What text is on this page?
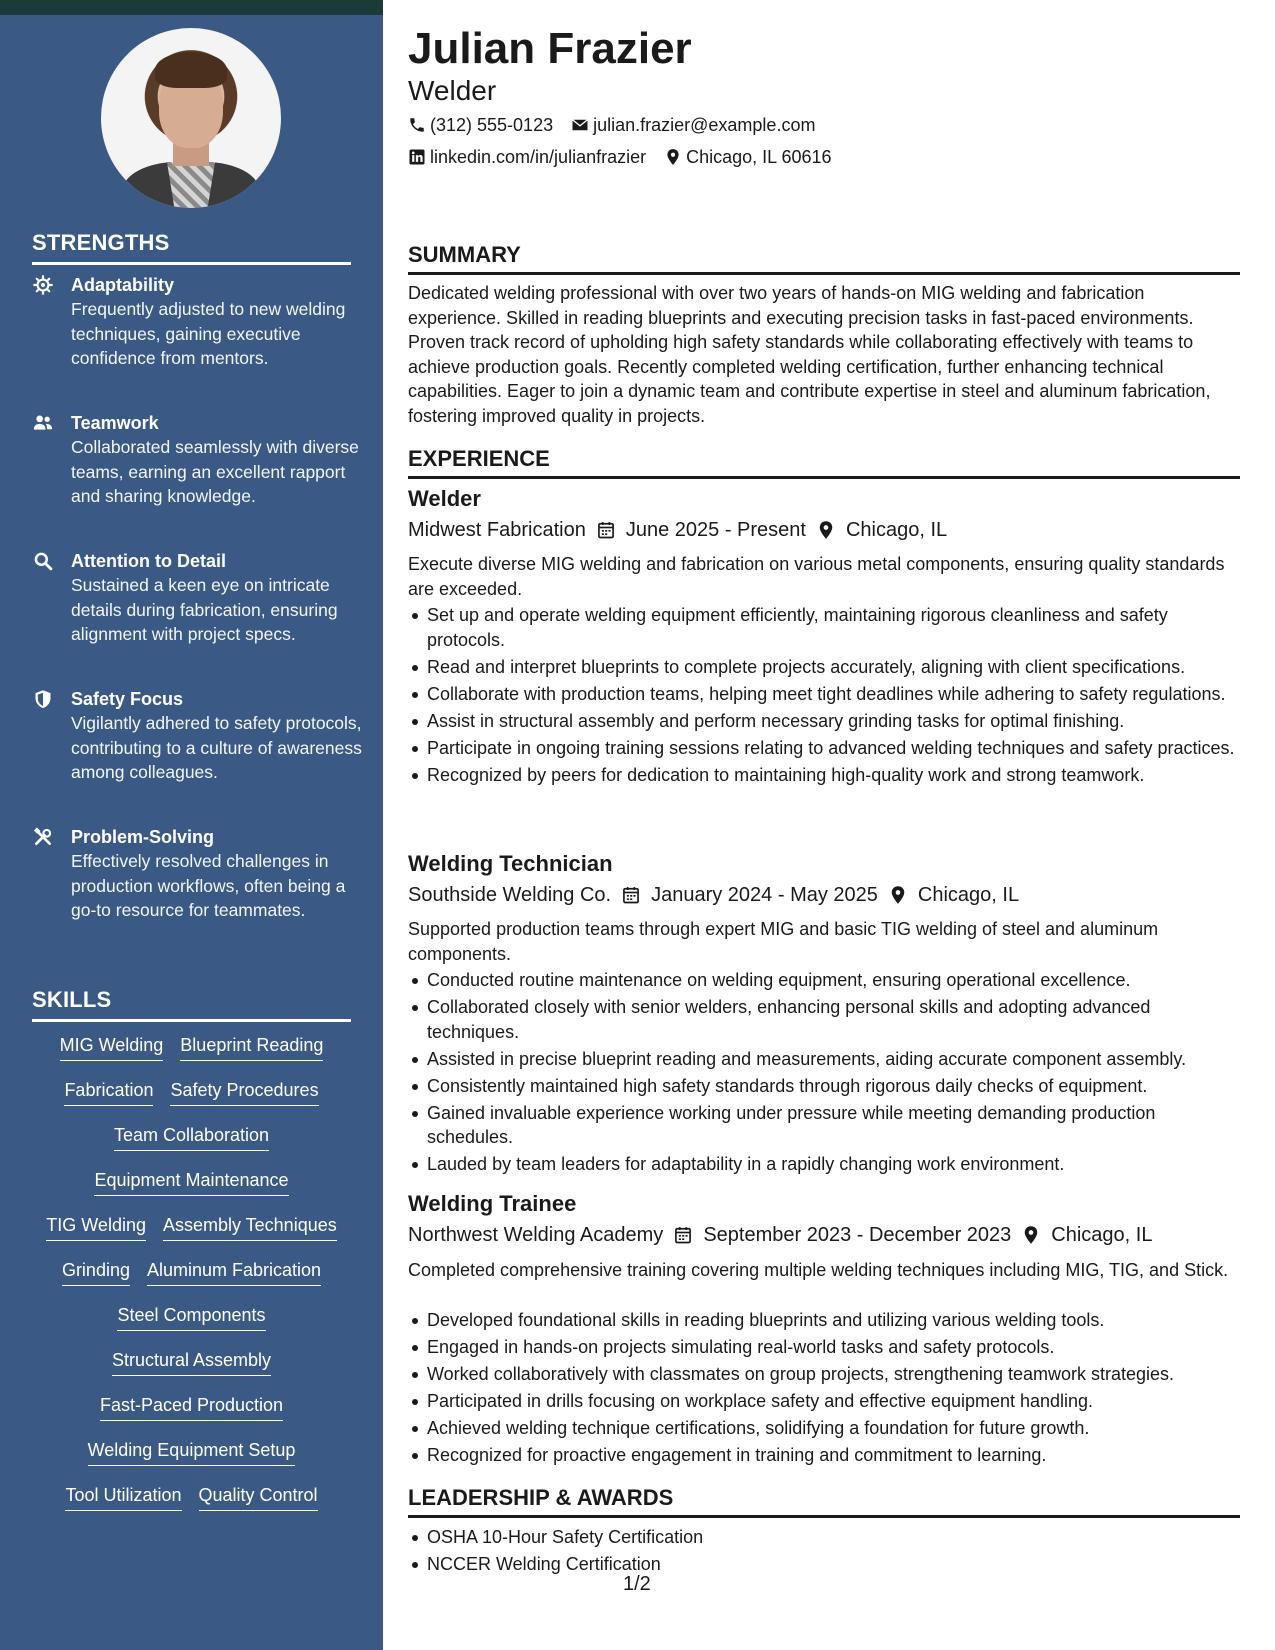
STRENGTHS
Adaptability
Frequently adjusted to new welding techniques, gaining executive confidence from mentors.
Teamwork
Collaborated seamlessly with diverse teams, earning an excellent rapport and sharing knowledge.
Attention to Detail
Sustained a keen eye on intricate details during fabrication, ensuring alignment with project specs.
Safety Focus
Vigilantly adhered to safety protocols, contributing to a culture of awareness among colleagues.
Problem-Solving
Effectively resolved challenges in production workflows, often being a go-to resource for teammates.
SKILLS
MIG Welding Blueprint Reading
Fabrication Safety Procedures
Team Collaboration
Equipment Maintenance
TIG Welding Assembly Techniques
Grinding Aluminum Fabrication
Steel Components
Structural Assembly
Fast-Paced Production
Welding Equipment Setup
Tool Utilization Quality Control
Julian Frazier
Welder
(312) 555-0123 julian.frazier@example.com
linkedin.com/in/julianfrazier Chicago, IL 60616
SUMMARY
Dedicated welding professional with over two years of hands-on MIG welding and fabrication experience. Skilled in reading blueprints and executing precision tasks in fast-paced environments. Proven track record of upholding high safety standards while collaborating effectively with teams to achieve production goals. Recently completed welding certification, further enhancing technical capabilities. Eager to join a dynamic team and contribute expertise in steel and aluminum fabrication, fostering improved quality in projects.
EXPERIENCE
Welder
Midwest Fabrication June 2025 - Present Chicago, IL
Execute diverse MIG welding and fabrication on various metal components, ensuring quality standards are exceeded.
Set up and operate welding equipment efficiently, maintaining rigorous cleanliness and safety protocols.
Read and interpret blueprints to complete projects accurately, aligning with client specifications.
Collaborate with production teams, helping meet tight deadlines while adhering to safety regulations.
Assist in structural assembly and perform necessary grinding tasks for optimal finishing.
Participate in ongoing training sessions relating to advanced welding techniques and safety practices.
Recognized by peers for dedication to maintaining high-quality work and strong teamwork.
Welding Technician
Southside Welding Co. January 2024 - May 2025 Chicago, IL
Supported production teams through expert MIG and basic TIG welding of steel and aluminum components.
Conducted routine maintenance on welding equipment, ensuring operational excellence.
Collaborated closely with senior welders, enhancing personal skills and adopting advanced techniques.
Assisted in precise blueprint reading and measurements, aiding accurate component assembly.
Consistently maintained high safety standards through rigorous daily checks of equipment.
Gained invaluable experience working under pressure while meeting demanding production schedules.
Lauded by team leaders for adaptability in a rapidly changing work environment.
Welding Trainee
Northwest Welding Academy September 2023 - December 2023 Chicago, IL
Completed comprehensive training covering multiple welding techniques including MIG, TIG, and Stick.
Developed foundational skills in reading blueprints and utilizing various welding tools.
Engaged in hands-on projects simulating real-world tasks and safety protocols.
Worked collaboratively with classmates on group projects, strengthening teamwork strategies.
Participated in drills focusing on workplace safety and effective equipment handling.
Achieved welding technique certifications, solidifying a foundation for future growth.
Recognized for proactive engagement in training and commitment to learning.
LEADERSHIP & AWARDS
OSHA 10-Hour Safety Certification
NCCER Welding Certification
1/2
